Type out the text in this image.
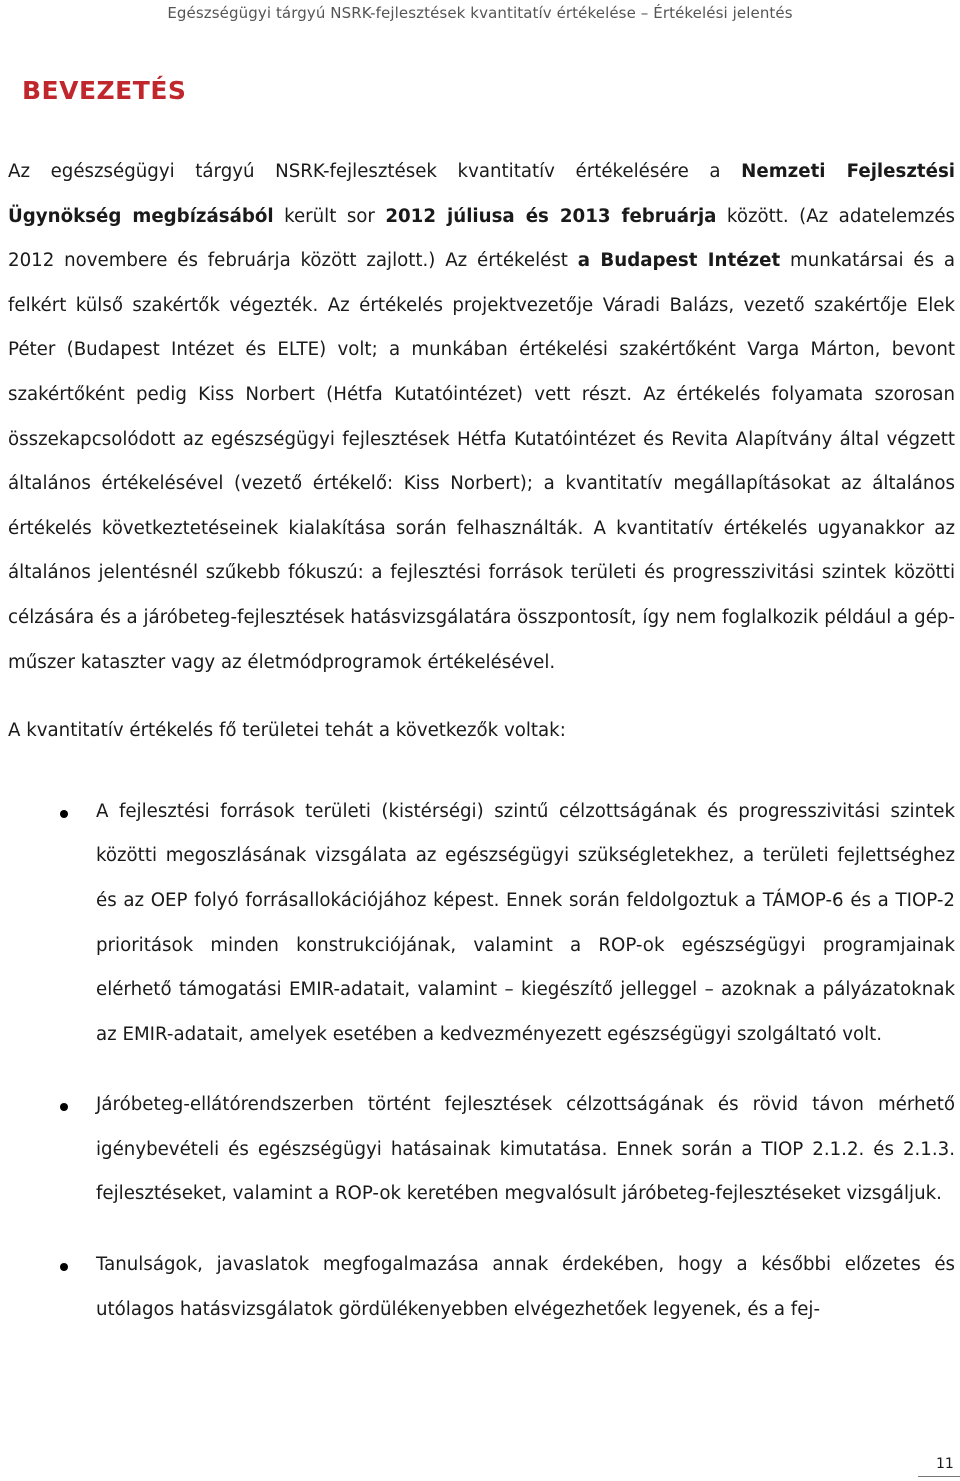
Egészségügyi tárgyú NSRK-fejlesztések kvantitatív értékelése – Értékelési jelentés
BEVEZETÉS

Az egészségügyi tárgyú NSRK-fejlesztések kvantitatív értékelésére a Nemzeti Fejlesztési Ügynökség megbízásából került sor 2012 júliusa és 2013 februárja között. (Az adatelemzés 2012 novembere és februárja között zajlott.) Az értékelést a Budapest Intézet munkatársai és a felkért külső szakértők végezték. Az értékelés projektvezetője Váradi Balázs, vezető szakértője Elek Péter (Budapest Intézet és ELTE) volt; a munkában értékelési szakértőként Varga Márton, bevont szakértőként pedig Kiss Norbert (Hétfa Kutatóintézet) vett részt. Az értékelés folyamata szorosan összekapcsolódott az egészségügyi fejlesztések Hétfa Kutatóintézet és Revita Alapítvány által végzett általános értékelésével (vezető értékelő: Kiss Norbert); a kvantitatív megállapításokat az általános értékelés következtetéseinek kialakítása során felhasználták. A kvantitatív értékelés ugyanakkor az általános jelentésnél szűkebb fókuszú: a fejlesztési források területi és progresszivitási szintek közötti célzására és a járóbeteg-fejlesztések hatásvizsgálatára összpontosít, így nem foglalkozik például a gép-műszer kataszter vagy az életmódprogramok értékelésével.

A kvantitatív értékelés fő területei tehát a következők voltak:

A fejlesztési források területi (kistérségi) szintű célzottságának és progresszivitási szintek közötti megoszlásának vizsgálata az egészségügyi szükségletekhez, a területi fejlettséghez és az OEP folyó forrásallokációjához képest. Ennek során feldolgoztuk a TÁMOP-6 és a TIOP-2 prioritások minden konstrukciójának, valamint a ROP-ok egészségügyi programjainak elérhető támogatási EMIR-adatait, valamint – kiegészítő jelleggel – azoknak a pályázatoknak az EMIR-adatait, amelyek esetében a kedvezményezett egészségügyi szolgáltató volt.
Járóbeteg-ellátórendszerben történt fejlesztések célzottságának és rövid távon mérhető igénybevételi és egészségügyi hatásainak kimutatása. Ennek során a TIOP 2.1.2. és 2.1.3. fejlesztéseket, valamint a ROP-ok keretében megvalósult járóbeteg-fejlesztéseket vizsgáljuk.
Tanulságok, javaslatok megfogalmazása annak érdekében, hogy a későbbi előzetes és utólagos hatásvizsgálatok gördülékenyebben elvégezhetőek legyenek, és a fej-
11
